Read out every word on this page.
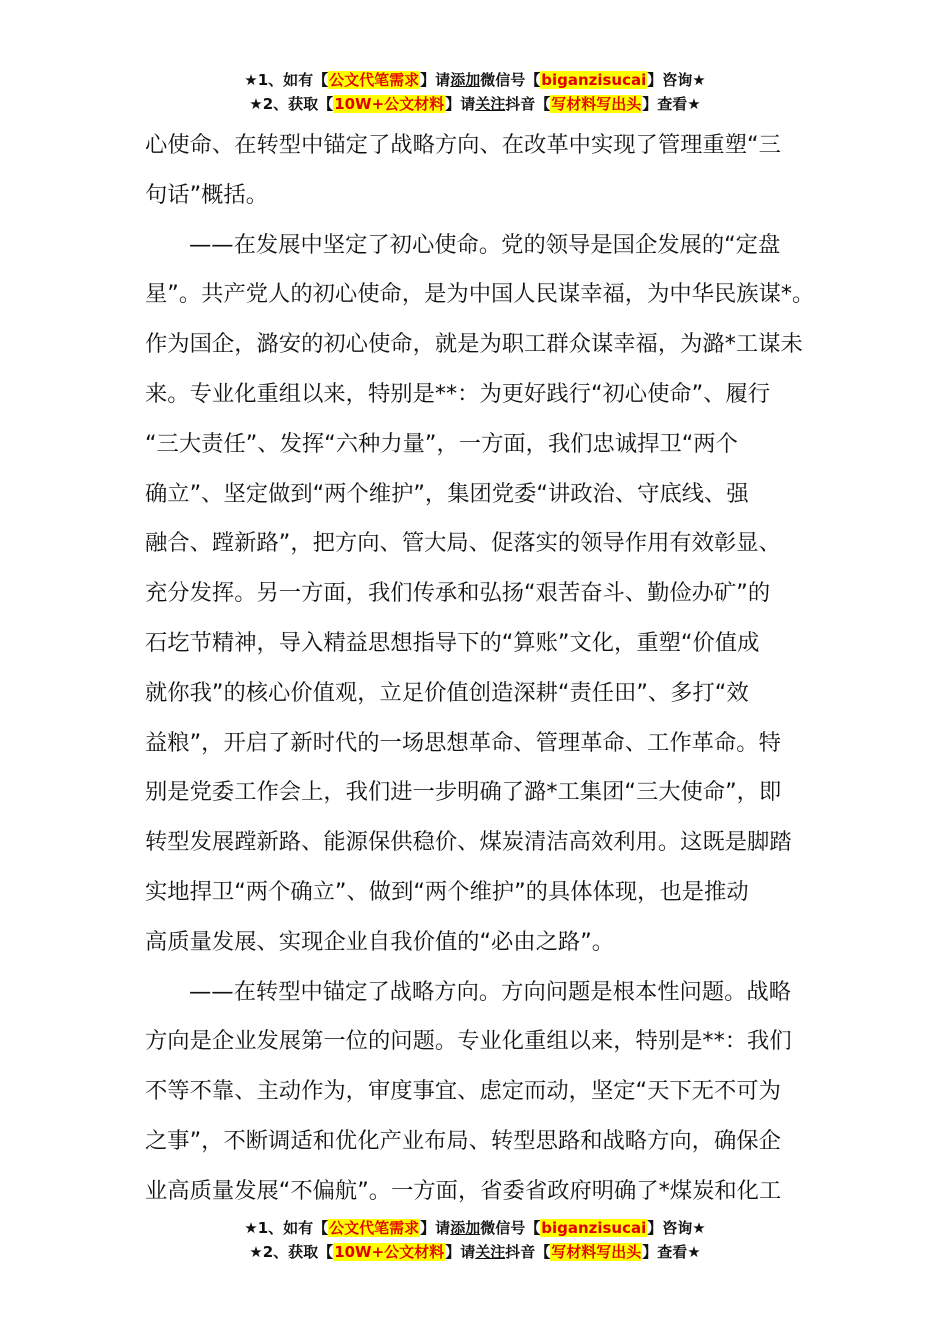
★1、如有【公文代笔需求】请添加微信号【biganzisucai】咨询★
★2、获取【10W+公文材料】请关注抖音【写材料写出头】查看★
心使命、在转型中锚定了战略方向、在改革中实现了管理重塑“三
句话”概括。
——在发展中坚定了初心使命。党的领导是国企发展的“定盘
星”。共产党人的初心使命，是为中国人民谋幸福，为中华民族谋*。
作为国企，潞安的初心使命，就是为职工群众谋幸福，为潞*工谋未
来。专业化重组以来，特别是**：为更好践行“初心使命”、履行
“三大责任”、发挥“六种力量”，一方面，我们忠诚捍卫“两个
确立”、坚定做到“两个维护”，集团党委“讲政治、守底线、强
融合、蹚新路”，把方向、管大局、促落实的领导作用有效彰显、
充分发挥。另一方面，我们传承和弘扬“艰苦奋斗、勤俭办矿”的
石圪节精神，导入精益思想指导下的“算账”文化，重塑“价值成
就你我”的核心价值观，立足价值创造深耕“责任田”、多打“效
益粮”，开启了新时代的一场思想革命、管理革命、工作革命。特
别是党委工作会上，我们进一步明确了潞*工集团“三大使命”，即
转型发展蹚新路、能源保供稳价、煤炭清洁高效利用。这既是脚踏
实地捍卫“两个确立”、做到“两个维护”的具体体现，也是推动
高质量发展、实现企业自我价值的“必由之路”。
——在转型中锚定了战略方向。方向问题是根本性问题。战略
方向是企业发展第一位的问题。专业化重组以来，特别是**：我们
不等不靠、主动作为，审度事宜、虑定而动，坚定“天下无不可为
之事”，不断调适和优化产业布局、转型思路和战略方向，确保企
业高质量发展“不偏航”。一方面，省委省政府明确了*煤炭和化工
★1、如有【公文代笔需求】请添加微信号【biganzisucai】咨询★
★2、获取【10W+公文材料】请关注抖音【写材料写出头】查看★
